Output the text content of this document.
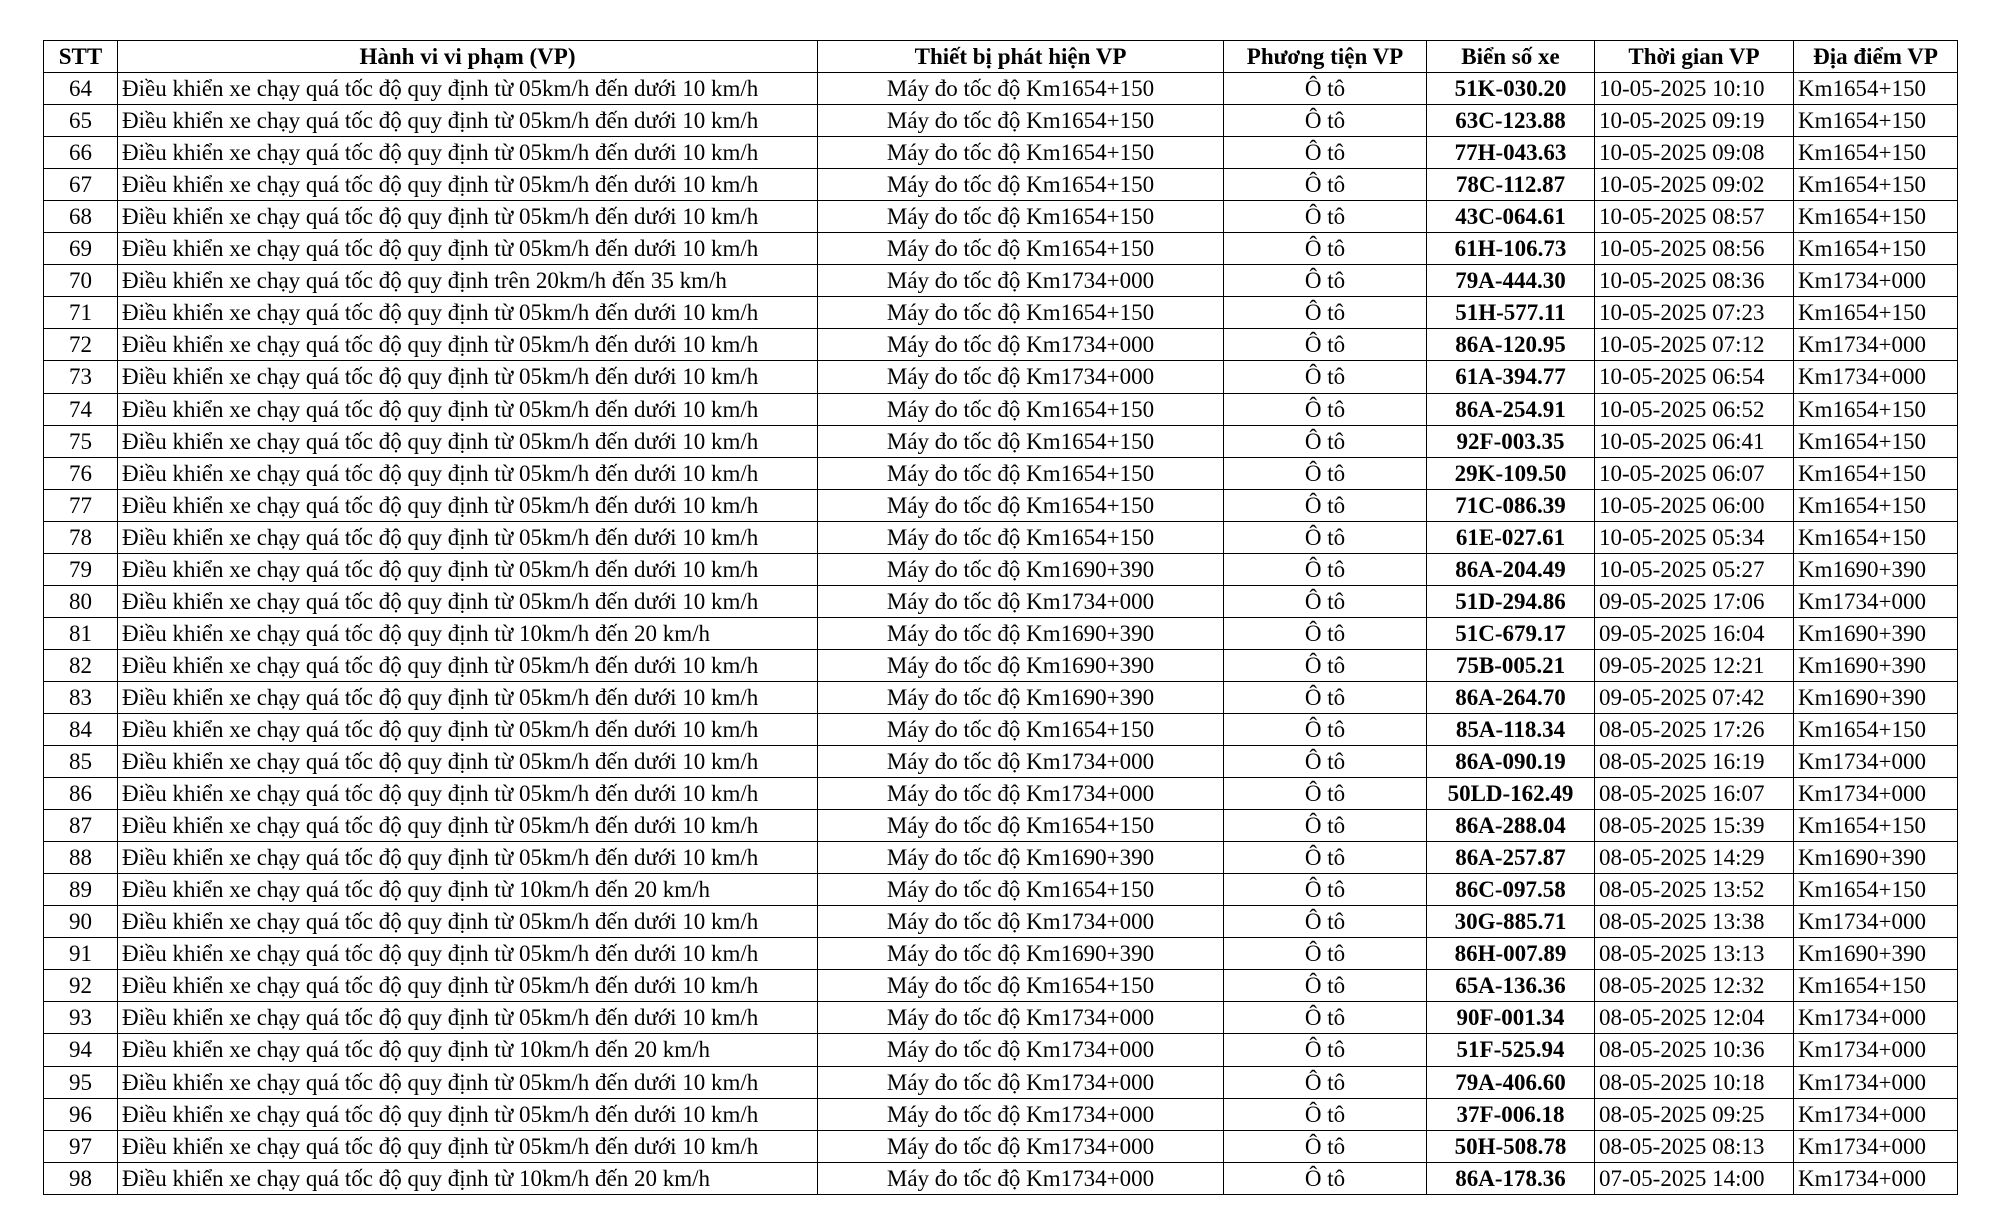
STT	Hành vi vi phạm (VP)	Thiết bị phát hiện VP	Phương tiện VP	Biển số xe	Thời gian VP	Địa điểm VP
64	Điều khiển xe chạy quá tốc độ quy định từ 05km/h đến dưới 10 km/h	Máy đo tốc độ Km1654+150	Ô tô	51K-030.20	10-05-2025 10:10	Km1654+150
65	Điều khiển xe chạy quá tốc độ quy định từ 05km/h đến dưới 10 km/h	Máy đo tốc độ Km1654+150	Ô tô	63C-123.88	10-05-2025 09:19	Km1654+150
66	Điều khiển xe chạy quá tốc độ quy định từ 05km/h đến dưới 10 km/h	Máy đo tốc độ Km1654+150	Ô tô	77H-043.63	10-05-2025 09:08	Km1654+150
67	Điều khiển xe chạy quá tốc độ quy định từ 05km/h đến dưới 10 km/h	Máy đo tốc độ Km1654+150	Ô tô	78C-112.87	10-05-2025 09:02	Km1654+150
68	Điều khiển xe chạy quá tốc độ quy định từ 05km/h đến dưới 10 km/h	Máy đo tốc độ Km1654+150	Ô tô	43C-064.61	10-05-2025 08:57	Km1654+150
69	Điều khiển xe chạy quá tốc độ quy định từ 05km/h đến dưới 10 km/h	Máy đo tốc độ Km1654+150	Ô tô	61H-106.73	10-05-2025 08:56	Km1654+150
70	Điều khiển xe chạy quá tốc độ quy định trên 20km/h đến 35 km/h	Máy đo tốc độ Km1734+000	Ô tô	79A-444.30	10-05-2025 08:36	Km1734+000
71	Điều khiển xe chạy quá tốc độ quy định từ 05km/h đến dưới 10 km/h	Máy đo tốc độ Km1654+150	Ô tô	51H-577.11	10-05-2025 07:23	Km1654+150
72	Điều khiển xe chạy quá tốc độ quy định từ 05km/h đến dưới 10 km/h	Máy đo tốc độ Km1734+000	Ô tô	86A-120.95	10-05-2025 07:12	Km1734+000
73	Điều khiển xe chạy quá tốc độ quy định từ 05km/h đến dưới 10 km/h	Máy đo tốc độ Km1734+000	Ô tô	61A-394.77	10-05-2025 06:54	Km1734+000
74	Điều khiển xe chạy quá tốc độ quy định từ 05km/h đến dưới 10 km/h	Máy đo tốc độ Km1654+150	Ô tô	86A-254.91	10-05-2025 06:52	Km1654+150
75	Điều khiển xe chạy quá tốc độ quy định từ 05km/h đến dưới 10 km/h	Máy đo tốc độ Km1654+150	Ô tô	92F-003.35	10-05-2025 06:41	Km1654+150
76	Điều khiển xe chạy quá tốc độ quy định từ 05km/h đến dưới 10 km/h	Máy đo tốc độ Km1654+150	Ô tô	29K-109.50	10-05-2025 06:07	Km1654+150
77	Điều khiển xe chạy quá tốc độ quy định từ 05km/h đến dưới 10 km/h	Máy đo tốc độ Km1654+150	Ô tô	71C-086.39	10-05-2025 06:00	Km1654+150
78	Điều khiển xe chạy quá tốc độ quy định từ 05km/h đến dưới 10 km/h	Máy đo tốc độ Km1654+150	Ô tô	61E-027.61	10-05-2025 05:34	Km1654+150
79	Điều khiển xe chạy quá tốc độ quy định từ 05km/h đến dưới 10 km/h	Máy đo tốc độ Km1690+390	Ô tô	86A-204.49	10-05-2025 05:27	Km1690+390
80	Điều khiển xe chạy quá tốc độ quy định từ 05km/h đến dưới 10 km/h	Máy đo tốc độ Km1734+000	Ô tô	51D-294.86	09-05-2025 17:06	Km1734+000
81	Điều khiển xe chạy quá tốc độ quy định từ 10km/h đến 20 km/h	Máy đo tốc độ Km1690+390	Ô tô	51C-679.17	09-05-2025 16:04	Km1690+390
82	Điều khiển xe chạy quá tốc độ quy định từ 05km/h đến dưới 10 km/h	Máy đo tốc độ Km1690+390	Ô tô	75B-005.21	09-05-2025 12:21	Km1690+390
83	Điều khiển xe chạy quá tốc độ quy định từ 05km/h đến dưới 10 km/h	Máy đo tốc độ Km1690+390	Ô tô	86A-264.70	09-05-2025 07:42	Km1690+390
84	Điều khiển xe chạy quá tốc độ quy định từ 05km/h đến dưới 10 km/h	Máy đo tốc độ Km1654+150	Ô tô	85A-118.34	08-05-2025 17:26	Km1654+150
85	Điều khiển xe chạy quá tốc độ quy định từ 05km/h đến dưới 10 km/h	Máy đo tốc độ Km1734+000	Ô tô	86A-090.19	08-05-2025 16:19	Km1734+000
86	Điều khiển xe chạy quá tốc độ quy định từ 05km/h đến dưới 10 km/h	Máy đo tốc độ Km1734+000	Ô tô	50LD-162.49	08-05-2025 16:07	Km1734+000
87	Điều khiển xe chạy quá tốc độ quy định từ 05km/h đến dưới 10 km/h	Máy đo tốc độ Km1654+150	Ô tô	86A-288.04	08-05-2025 15:39	Km1654+150
88	Điều khiển xe chạy quá tốc độ quy định từ 05km/h đến dưới 10 km/h	Máy đo tốc độ Km1690+390	Ô tô	86A-257.87	08-05-2025 14:29	Km1690+390
89	Điều khiển xe chạy quá tốc độ quy định từ 10km/h đến 20 km/h	Máy đo tốc độ Km1654+150	Ô tô	86C-097.58	08-05-2025 13:52	Km1654+150
90	Điều khiển xe chạy quá tốc độ quy định từ 05km/h đến dưới 10 km/h	Máy đo tốc độ Km1734+000	Ô tô	30G-885.71	08-05-2025 13:38	Km1734+000
91	Điều khiển xe chạy quá tốc độ quy định từ 05km/h đến dưới 10 km/h	Máy đo tốc độ Km1690+390	Ô tô	86H-007.89	08-05-2025 13:13	Km1690+390
92	Điều khiển xe chạy quá tốc độ quy định từ 05km/h đến dưới 10 km/h	Máy đo tốc độ Km1654+150	Ô tô	65A-136.36	08-05-2025 12:32	Km1654+150
93	Điều khiển xe chạy quá tốc độ quy định từ 05km/h đến dưới 10 km/h	Máy đo tốc độ Km1734+000	Ô tô	90F-001.34	08-05-2025 12:04	Km1734+000
94	Điều khiển xe chạy quá tốc độ quy định từ 10km/h đến 20 km/h	Máy đo tốc độ Km1734+000	Ô tô	51F-525.94	08-05-2025 10:36	Km1734+000
95	Điều khiển xe chạy quá tốc độ quy định từ 05km/h đến dưới 10 km/h	Máy đo tốc độ Km1734+000	Ô tô	79A-406.60	08-05-2025 10:18	Km1734+000
96	Điều khiển xe chạy quá tốc độ quy định từ 05km/h đến dưới 10 km/h	Máy đo tốc độ Km1734+000	Ô tô	37F-006.18	08-05-2025 09:25	Km1734+000
97	Điều khiển xe chạy quá tốc độ quy định từ 05km/h đến dưới 10 km/h	Máy đo tốc độ Km1734+000	Ô tô	50H-508.78	08-05-2025 08:13	Km1734+000
98	Điều khiển xe chạy quá tốc độ quy định từ 10km/h đến 20 km/h	Máy đo tốc độ Km1734+000	Ô tô	86A-178.36	07-05-2025 14:00	Km1734+000
